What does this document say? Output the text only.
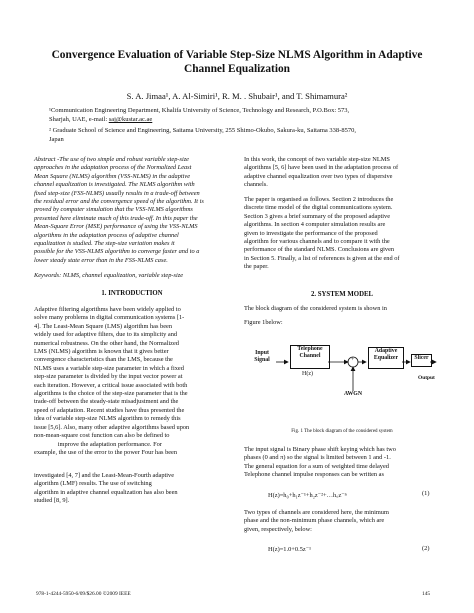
Convergence Evaluation of Variable Step-Size NLMS Algorithm in Adaptive
Channel Equalization
S. A. Jimaa¹, A. Al-Simiri¹, R. M. . Shubair¹, and T. Shimamura²
¹Communication Engineering Department, Khalifa University of Science, Technology and Research, P.O.Box: 573,
Sharjah, UAE, e-mail: saj@kustar.ac.ae
² Graduate School of Science and Engineering, Saitama University, 255 Shimo-Okubo, Sakura-ku, Saitama 338-8570,
Japan
Abstract -The use of two simple and robust variable step-size
approaches in the adaptation process of the Normalized Least
Mean Square (NLMS) algorithm (VSS-NLMS) in the adaptive
channel equalization is investigated. The NLMS algorithm with
fixed step-size (FSS-NLMS) usually results in a trade-off between
the residual error and the convergence speed of the algorithm. It is
proved by computer simulation that the VSS-NLMS algorithms
presented here eliminate much of this trade-off. In this paper the
Mean-Square Error (MSE) performance of using the VSS-NLMS
algorithms in the adaptation process of adaptive channel
equalization is studied. The step-size variation makes it
possible for the VSS-NLMS algorithm to converge faster and to a
lower steady state error than in the FSS-NLMS case.
Keywords: NLMS, channel equalization, variable step-size
1. INTRODUCTION
Adaptive filtering algorithms have been widely applied to
solve many problems in digital communication systems [1-
4]. The Least-Mean Square (LMS) algorithm has been
widely used for adaptive filters, due to its simplicity and
numerical robustness. On the other hand, the Normalized
LMS (NLMS) algorithm is known that it gives better
convergence characteristics than the LMS, because the
NLMS uses a variable step-size parameter in which a fixed
step-size parameter is divided by the input vector power at
each iteration. However, a critical issue associated with both
algorithms is the choice of the step-size parameter that is the
trade-off between the steady-state misadjustment and the
speed of adaptation. Recent studies have thus presented the
idea of variable step-size NLMS algorithm to remedy this
issue [5,6]. Also, many other adaptive algorithms based upon
non-mean-square cost function can also be defined to
improve the adaptation performance. For
example, the use of the error to the power Four has been
investigated [4, 7] and the Least-Mean-Fourth adaptive
algorithm (LMF) results. The use of switching
algorithm in adaptive channel equalization has also been
studied [8, 9].
In this work, the concept of two variable step-size NLMS
algorithms [5, 6] have been used in the adaptation process of
adaptive channel equalization over two types of dispersive
channels.
The paper is organised as follows. Section 2 introduces the
discrete time model of the digital communications system.
Section 3 gives a brief summary of the proposed adaptive
algorithms. In section 4 computer simulation results are
given to investigate the performance of the proposed
algorithm for various channels and to compare it with the
performance of the standard NLMS. Conclusions are given
in Section 5. Finally, a list of references is given at the end of
the paper.
2. SYSTEM MODEL
The block diagram of the considered system is shown in
Figure 1below:
Input Signal
Telephone Channel
H(z)
+
Adaptive Equalizer	Slicer
Output
AWGN
Fig. 1 The block diagram of the considered system
The input signal is Binary phase shift keying which has two
phases (0 and π) so the signal is limited between 1 and -1.
The general equation for a sum of weighted time delayed
Telephone channel impulse responses can be written as
H(z)=h₀+h₁z⁻¹+h₂z⁻²+…h꜀z⁻ⁿ	(1)
Two types of channels are considered here, the minimum
phase and the non-minimum phase channels, which are
given, respectively, below:
H(z)=1.0+0.5z⁻¹	(2)
978-1-4244-5950-6/09/$26.00 ©2009 IEEE	145
